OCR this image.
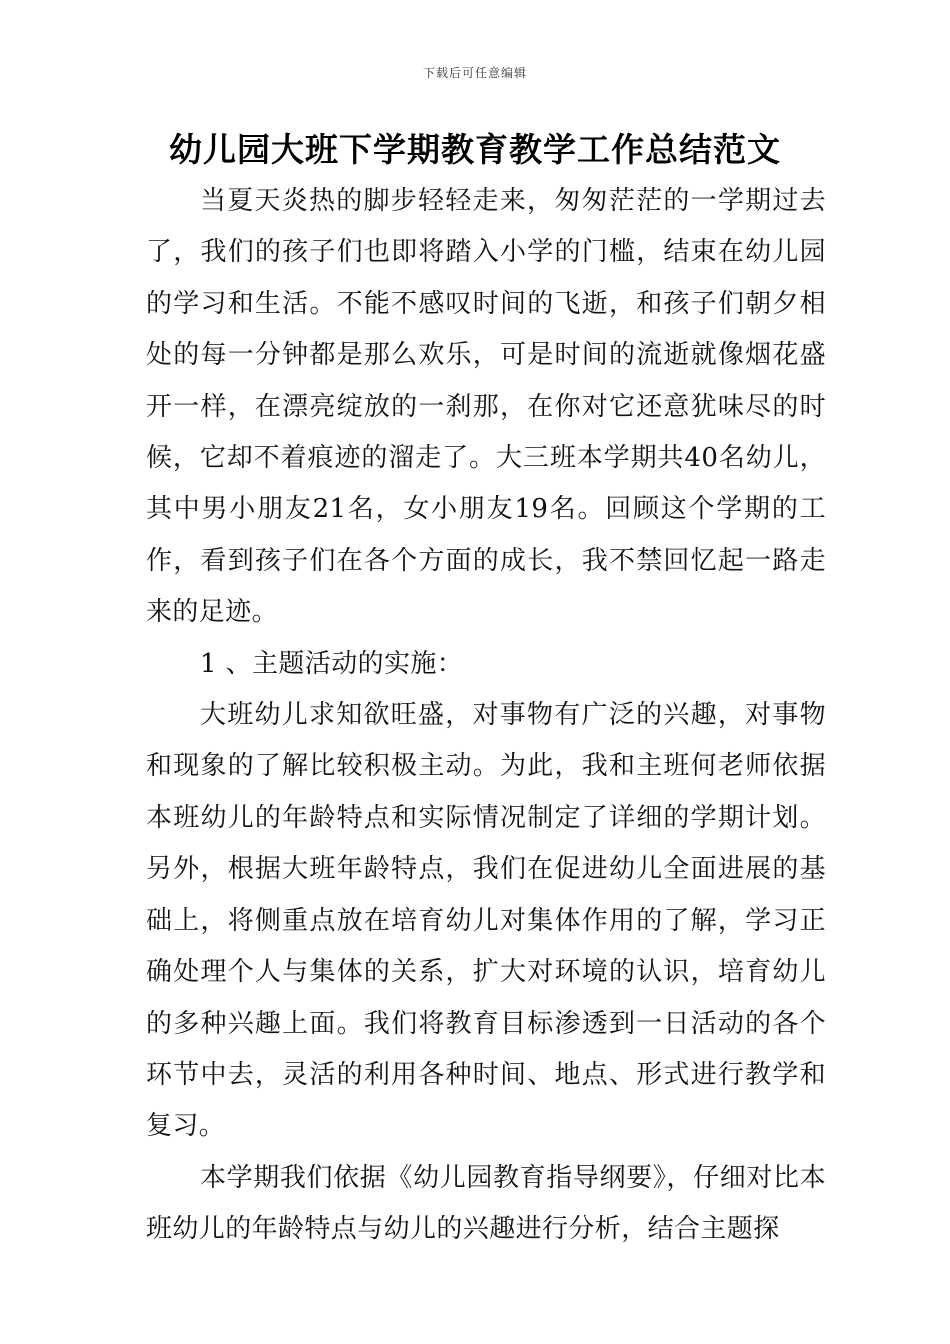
下载后可任意编辑
幼儿园大班下学期教育教学工作总结范文

当夏天炎热的脚步轻轻走来，匆匆茫茫的一学期过去了，我们的孩子们也即将踏入小学的门槛，结束在幼儿园的学习和生活。不能不感叹时间的飞逝，和孩子们朝夕相处的每一分钟都是那么欢乐，可是时间的流逝就像烟花盛开一样，在漂亮绽放的一刹那，在你对它还意犹味尽的时候，它却不着痕迹的溜走了。大三班本学期共40名幼儿，其中男小朋友21名，女小朋友19名。回顾这个学期的工作，看到孩子们在各个方面的成长，我不禁回忆起一路走来的足迹。

1 、主题活动的实施：

大班幼儿求知欲旺盛，对事物有广泛的兴趣，对事物和现象的了解比较积极主动。为此，我和主班何老师依据本班幼儿的年龄特点和实际情况制定了详细的学期计划。另外，根据大班年龄特点，我们在促进幼儿全面进展的基础上，将侧重点放在培育幼儿对集体作用的了解，学习正确处理个人与集体的关系，扩大对环境的认识，培育幼儿的多种兴趣上面。我们将教育目标渗透到一日活动的各个环节中去，灵活的利用各种时间、地点、形式进行教学和复习。

本学期我们依据《幼儿园教育指导纲要》，仔细对比本班幼儿的年龄特点与幼儿的兴趣进行分析，结合主题探
